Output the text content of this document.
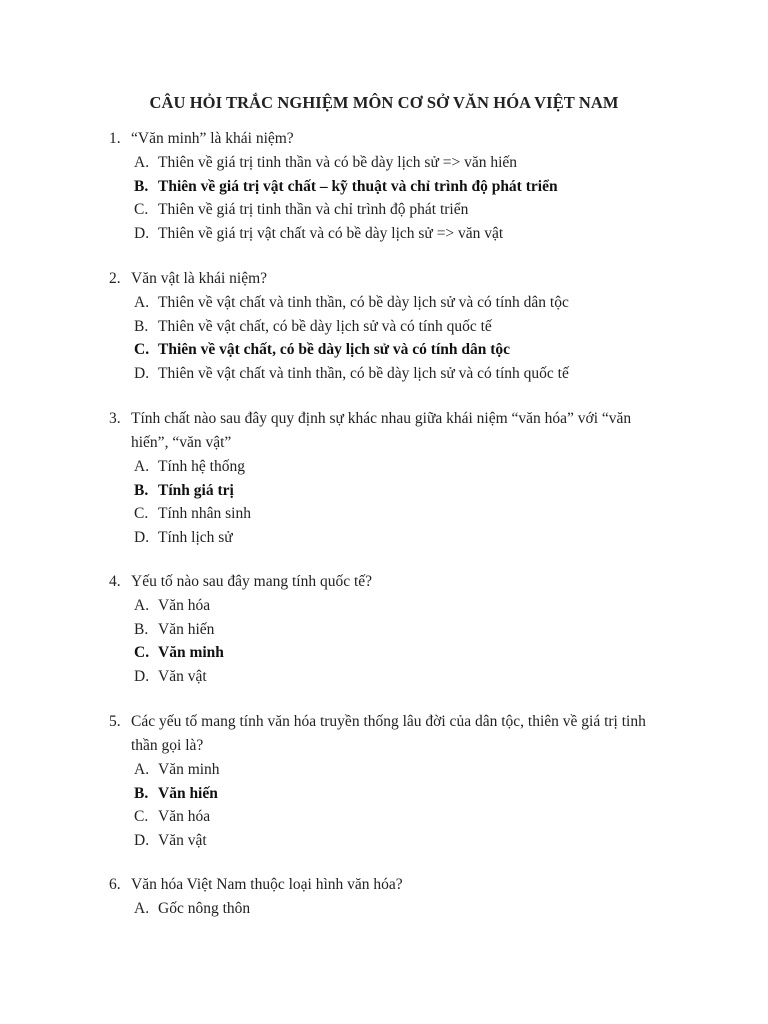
CÂU HỎI TRẮC NGHIỆM MÔN CƠ SỞ VĂN HÓA VIỆT NAM
1. “Văn minh” là khái niệm?
A. Thiên về giá trị tinh thần và có bề dày lịch sử => văn hiến
B. Thiên về giá trị vật chất – kỹ thuật và chỉ trình độ phát triển
C. Thiên về giá trị tinh thần và chỉ trình độ phát triển
D. Thiên về giá trị vật chất và có bề dày lịch sử => văn vật
2. Văn vật là khái niệm?
A. Thiên về vật chất và tinh thần, có bề dày lịch sử và có tính dân tộc
B. Thiên về vật chất, có bề dày lịch sử và có tính quốc tế
C. Thiên về vật chất, có bề dày lịch sử và có tính dân tộc
D. Thiên về vật chất và tinh thần, có bề dày lịch sử và có tính quốc tế
3. Tính chất nào sau đây quy định sự khác nhau giữa khái niệm “văn hóa” với “văn
hiến”, “văn vật”
A. Tính hệ thống
B. Tính giá trị
C. Tính nhân sinh
D. Tính lịch sử
4. Yếu tố nào sau đây mang tính quốc tế?
A. Văn hóa
B. Văn hiến
C. Văn minh
D. Văn vật
5. Các yếu tố mang tính văn hóa truyền thống lâu đời của dân tộc, thiên về giá trị tinh
thần gọi là?
A. Văn minh
B. Văn hiến
C. Văn hóa
D. Văn vật
6. Văn hóa Việt Nam thuộc loại hình văn hóa?
A. Gốc nông thôn
